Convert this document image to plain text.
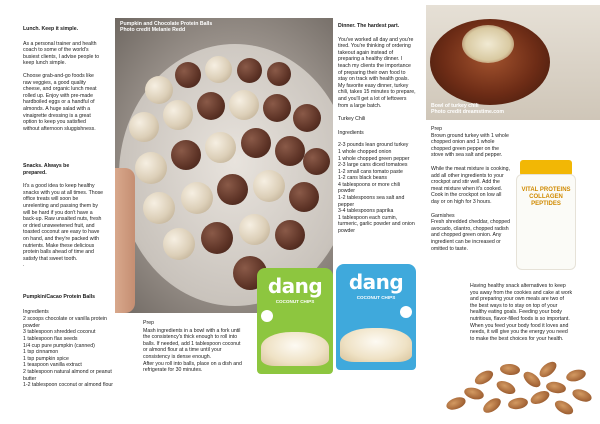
Lunch. Keep it simple.

As a personal trainer and health
coach to some of the world's
busiest clients, I advise people to
keep lunch simple.

Choose grab-and-go foods like
raw veggies, a good quality
cheese, and organic lunch meat
rolled up. Enjoy with pre-made
hardboiled eggs or a handful of
almonds. A huge salad with a
vinaigrette dressing is a great
option to keep you satisfied
without afternoon sluggishness.

Snacks. Always be
prepared.

It's a good idea to keep healthy
snacks with you at all times. Those
office treats will soon be
unrelenting and passing them by
will be hard if you don't have a
back-up. Raw unsalted nuts, fresh
or dried unsweetened fruit, and
toasted coconut are easy to have
on hand, and they're packed with
nutrients. Make these delicious
protein balls ahead of time and
satisfy that sweet tooth.
.

Pumpkin/Cacao Protein Balls

Ingredients

2 scoops chocolate or vanilla protein
powder
3 tablespoon shredded coconut
1 tablespoon flax seeds
1/4 cup pure pumpkin (canned)
1 tsp cinnamon
1 tsp pumpkin spice
1 teaspoon vanilla extract
2 tablespoon natural almond or peanut
butter
1-2 tablespoon coconut or almond flour

Pumpkin and Chocolate Protein Balls
Photo credit Melanie Redd
dang
COCONUT CHIPS
dang
COCONUT CHIPS

Prep

Mash ingredients in a bowl with a fork until
the consistency's thick enough to roll into
balls. If needed, add 1 tablespoon coconut
or almond flour at a time until your
consistency is dense enough.
After you roll into balls, place on a dish and
refrigerate for 30 minutes.

Dinner. The hardest part.

You've worked all day and you're
tired. You're thinking of ordering
takeout again instead of
preparing a healthy dinner. I
teach my clients the importance
of preparing their own food to
stay on track with health goals.
My favorite easy dinner, turkey
chili, takes 15 minutes to prepare,
and you'll get a lot of leftovers
from a large batch.

Turkey Chili

Ingredients

2-3 pounds lean ground turkey
1 whole chopped onion
1 whole chopped green pepper
2-3 large cans diced tomatoes
1-2 small cans tomato paste
1-2 cans black beans
4 tablespoons or more chili
powder
1-2 tablespoons sea salt and
pepper
3-4 tablespoons paprika
1 tablespoon each cumin,
turmeric, garlic powder and onion
powder

Bowl of turkey chili
Photo credit dreamstime.com

Prep

Brown ground turkey with 1 whole
chopped onion and 1 whole
chopped green pepper on the
stove with sea salt and pepper.

While the meat mixture is cooking,
add all other ingredients to your
crockpot and stir well. Add the
meat mixture when it's cooked.
Cook in the crockpot on low all
day or on high for 3 hours.

Garnishes

Fresh shredded cheddar, chopped
avocado, cilantro, chopped radish
and chopped green onion. Any
ingredient can be increased or
omitted to taste.

VITAL PROTEINS
COLLAGEN
PEPTIDES

Having healthy snack alternatives to keep
you away from the cookies and cake at work
and preparing your own meals are two of
the best ways to to stay on top of your
healthy eating goals. Feeding your body
nutritious, flavor-filled foods is so important.
When you feed your body food it loves and
needs, it will give you the energy you need
to make the best choices for your health.
